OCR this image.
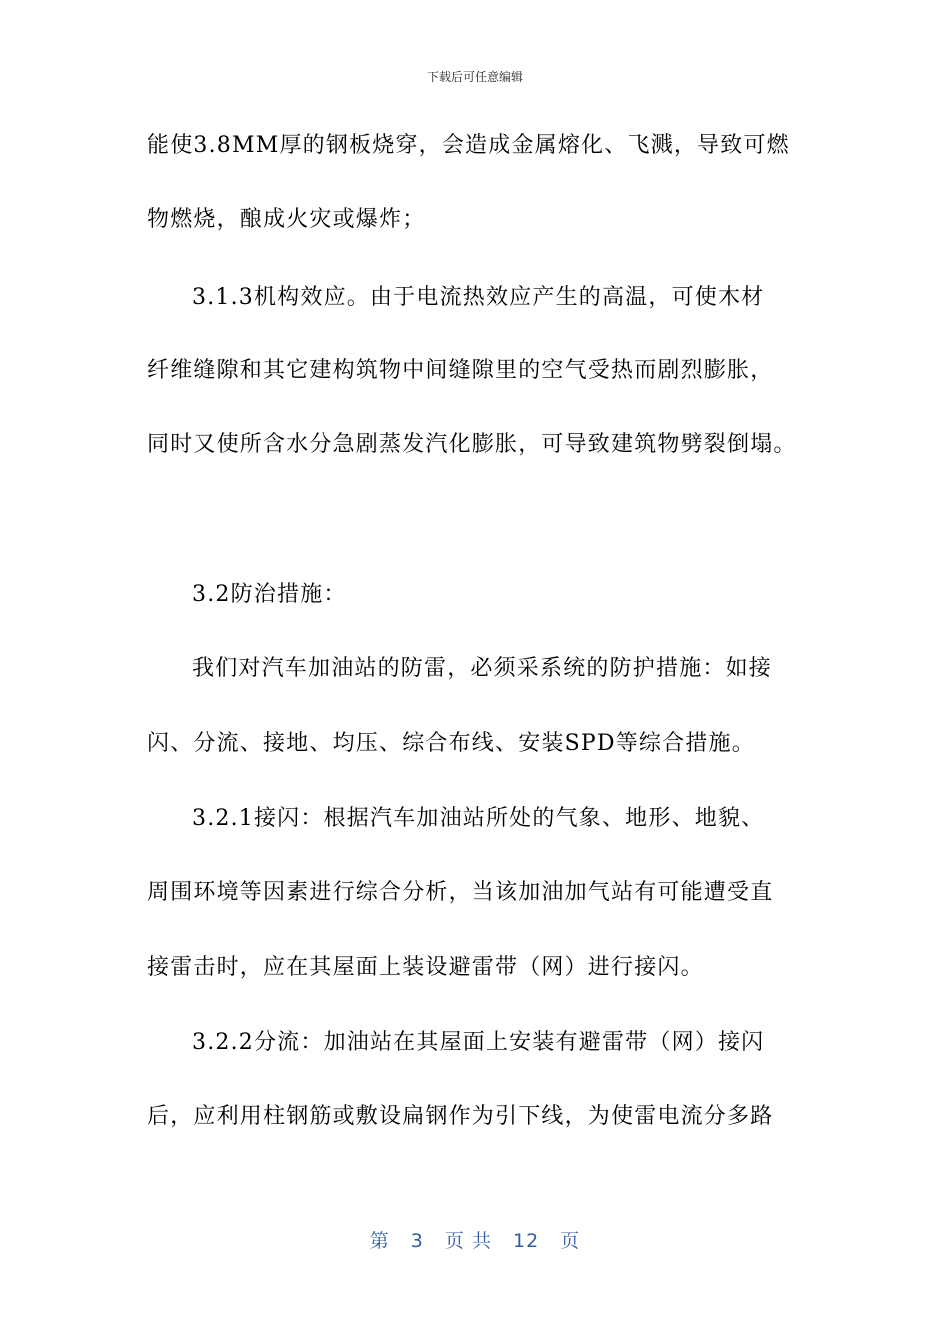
下载后可任意编辑
能使3.8MM厚的钢板烧穿，会造成金属熔化、飞溅，导致可燃
物燃烧，酿成火灾或爆炸；
3.1.3机构效应。由于电流热效应产生的高温，可使木材
纤维缝隙和其它建构筑物中间缝隙里的空气受热而剧烈膨胀，
同时又使所含水分急剧蒸发汽化膨胀，可导致建筑物劈裂倒塌。
3.2防治措施：
我们对汽车加油站的防雷，必须采系统的防护措施：如接
闪、分流、接地、均压、综合布线、安装SPD等综合措施。
3.2.1接闪：根据汽车加油站所处的气象、地形、地貌、
周围环境等因素进行综合分析，当该加油加气站有可能遭受直
接雷击时，应在其屋面上装设避雷带（网）进行接闪。
3.2.2分流：加油站在其屋面上安装有避雷带（网）接闪
后，应利用柱钢筋或敷设扁钢作为引下线，为使雷电流分多路
第 3 页 共 12 页
